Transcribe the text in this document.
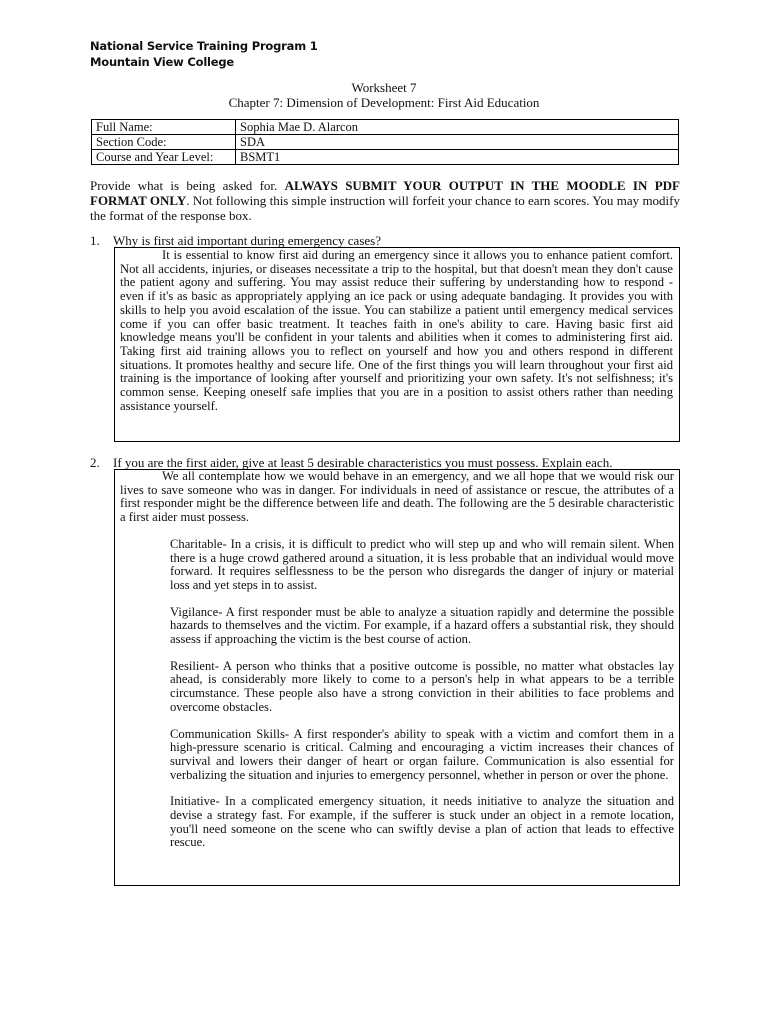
National Service Training Program 1
Mountain View College
Worksheet 7
Chapter 7: Dimension of Development: First Aid Education
Full Name:	Sophia Mae D. Alarcon
Section Code:	SDA
Course and Year Level:	BSMT1
Provide what is being asked for. ALWAYS SUBMIT YOUR OUTPUT IN THE MOODLE IN PDF FORMAT ONLY. Not following this simple instruction will forfeit your chance to earn scores. You may modify the format of the response box.
1. Why is first aid important during emergency cases?

It is essential to know first aid during an emergency since it allows you to enhance patient comfort. Not all accidents, injuries, or diseases necessitate a trip to the hospital, but that doesn't mean they don't cause the patient agony and suffering. You may assist reduce their suffering by understanding how to respond - even if it's as basic as appropriately applying an ice pack or using adequate bandaging. It provides you with skills to help you avoid escalation of the issue. You can stabilize a patient until emergency medical services come if you can offer basic treatment. It teaches faith in one's ability to care. Having basic first aid knowledge means you'll be confident in your talents and abilities when it comes to administering first aid. Taking first aid training allows you to reflect on yourself and how you and others respond in different situations. It promotes healthy and secure life. One of the first things you will learn throughout your first aid training is the importance of looking after yourself and prioritizing your own safety. It's not selfishness; it's common sense. Keeping oneself safe implies that you are in a position to assist others rather than needing assistance yourself.

2. If you are the first aider, give at least 5 desirable characteristics you must possess. Explain each.

We all contemplate how we would behave in an emergency, and we all hope that we would risk our lives to save someone who was in danger. For individuals in need of assistance or rescue, the attributes of a first responder might be the difference between life and death. The following are the 5 desirable characteristic a first aider must possess.

Charitable- In a crisis, it is difficult to predict who will step up and who will remain silent. When there is a huge crowd gathered around a situation, it is less probable that an individual would move forward. It requires selflessness to be the person who disregards the danger of injury or material loss and yet steps in to assist.

Vigilance- A first responder must be able to analyze a situation rapidly and determine the possible hazards to themselves and the victim. For example, if a hazard offers a substantial risk, they should assess if approaching the victim is the best course of action.

Resilient- A person who thinks that a positive outcome is possible, no matter what obstacles lay ahead, is considerably more likely to come to a person's help in what appears to be a terrible circumstance. These people also have a strong conviction in their abilities to face problems and overcome obstacles.

Communication Skills- A first responder's ability to speak with a victim and comfort them in a high-pressure scenario is critical. Calming and encouraging a victim increases their chances of survival and lowers their danger of heart or organ failure. Communication is also essential for verbalizing the situation and injuries to emergency personnel, whether in person or over the phone.

Initiative- In a complicated emergency situation, it needs initiative to analyze the situation and devise a strategy fast. For example, if the sufferer is stuck under an object in a remote location, you'll need someone on the scene who can swiftly devise a plan of action that leads to effective rescue.
